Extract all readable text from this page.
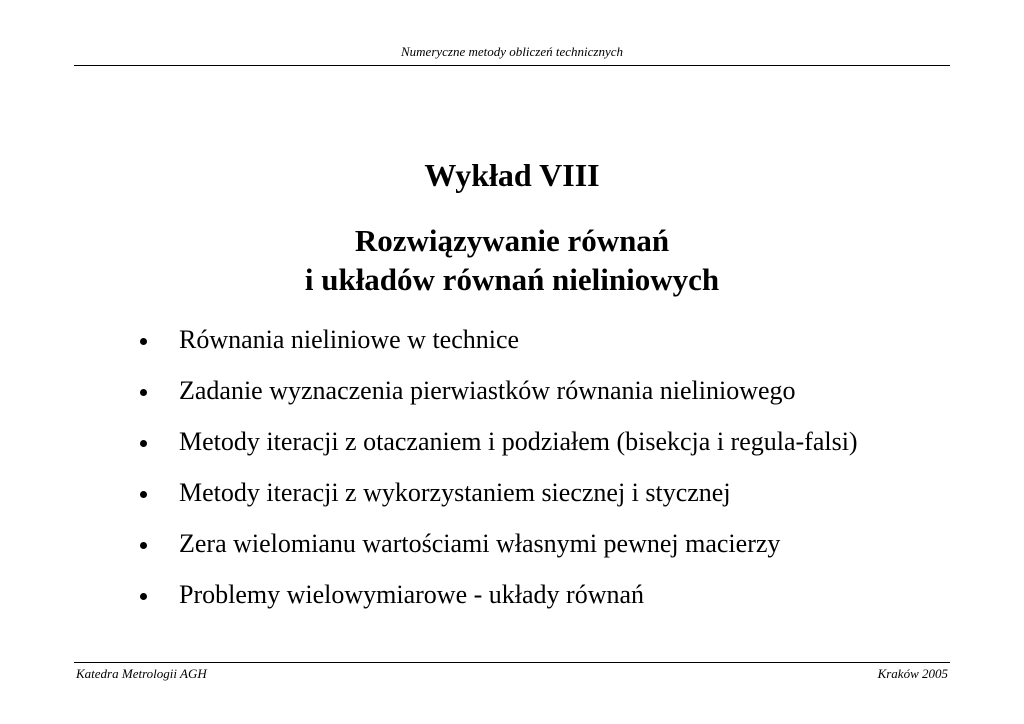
Numeryczne metody obliczeń technicznych
Wykład VIII
Rozwiązywanie równań
i układów równań nieliniowych
Równania nieliniowe w technice
Zadanie wyznaczenia pierwiastków równania nieliniowego
Metody iteracji z otaczaniem i podziałem (bisekcja i regula-falsi)
Metody iteracji z wykorzystaniem siecznej i stycznej
Zera wielomianu wartościami własnymi pewnej macierzy
Problemy wielowymiarowe - układy równań
Katedra Metrologii AGH	Kraków 2005
